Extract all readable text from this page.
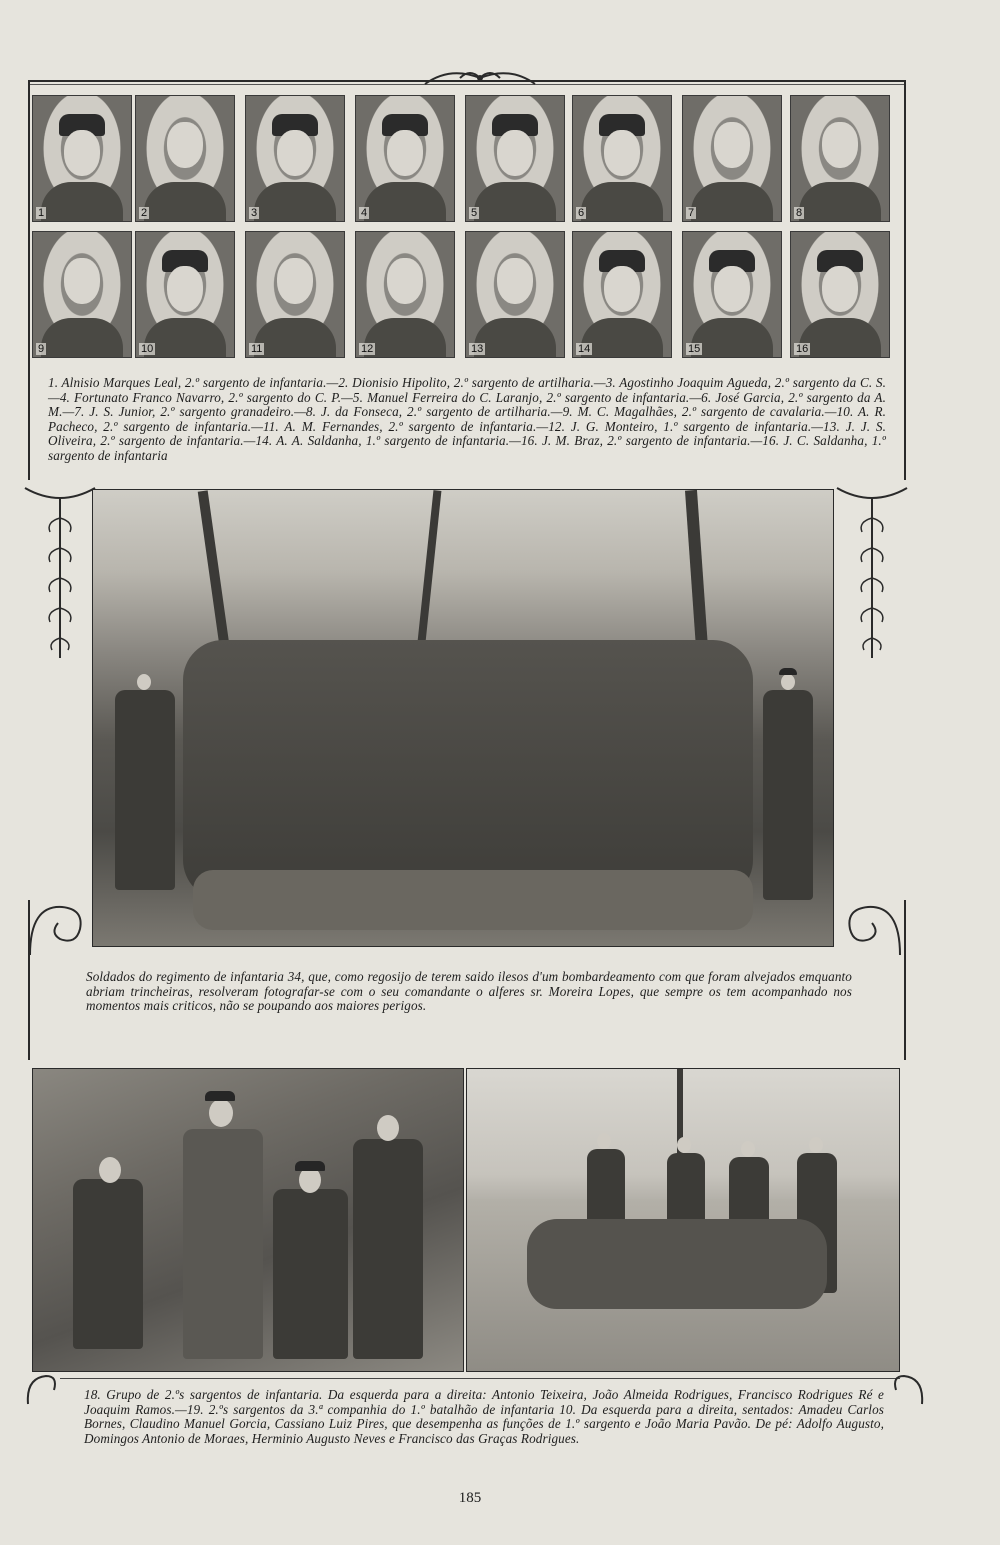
1	2	3	4	5	6	7	8
9	10	11	12	13	14	15	16

1. Alnisio Marques Leal, 2.º sargento de infantaria.—2. Dionisio Hipolito, 2.º sargento de artilharia.—3. Agostinho Joaquim Agueda, 2.º sargento da C. S.—4. Fortunato Franco Navarro, 2.º sargento do C. P.—5. Manuel Ferreira do C. Laranjo, 2.º sargento de infantaria.—6. José Garcia, 2.º sargento da A. M.—7. J. S. Junior, 2.º sargento granadeiro.—8. J. da Fonseca, 2.º sargento de artilharia.—9. M. C. Magalhães, 2.º sargento de cavalaria.—10. A. R. Pacheco, 2.º sargento de infantaria.—11. A. M. Fernandes, 2.º sargento de infantaria.—12. J. G. Monteiro, 1.º sargento de infantaria.—13. J. J. S. Oliveira, 2.º sargento de infantaria.—14. A. A. Saldanha, 1.º sargento de infantaria.—16. J. M. Braz, 2.º sargento de infantaria.—16. J. C. Saldanha, 1.º sargento de infantaria

Soldados do regimento de infantaria 34, que, como regosijo de terem saido ilesos d'um bombardeamento com que foram alvejados emquanto abriam trincheiras, resolveram fotografar-se com o seu comandante o alferes sr. Moreira Lopes, que sempre os tem acompanhado nos momentos mais criticos, não se poupando aos maiores perigos.

18. Grupo de 2.ºs sargentos de infantaria. Da esquerda para a direita: Antonio Teixeira, João Almeida Rodrigues, Francisco Rodrigues Ré e Joaquim Ramos.—19. 2.ºs sargentos da 3.ª companhia do 1.º batalhão de infantaria 10. Da esquerda para a direita, sentados: Amadeu Carlos Bornes, Claudino Manuel Gorcia, Cassiano Luiz Pires, que desempenha as funções de 1.º sargento e João Maria Pavão. De pé: Adolfo Augusto, Domingos Antonio de Moraes, Herminio Augusto Neves e Francisco das Graças Rodrigues.

185
